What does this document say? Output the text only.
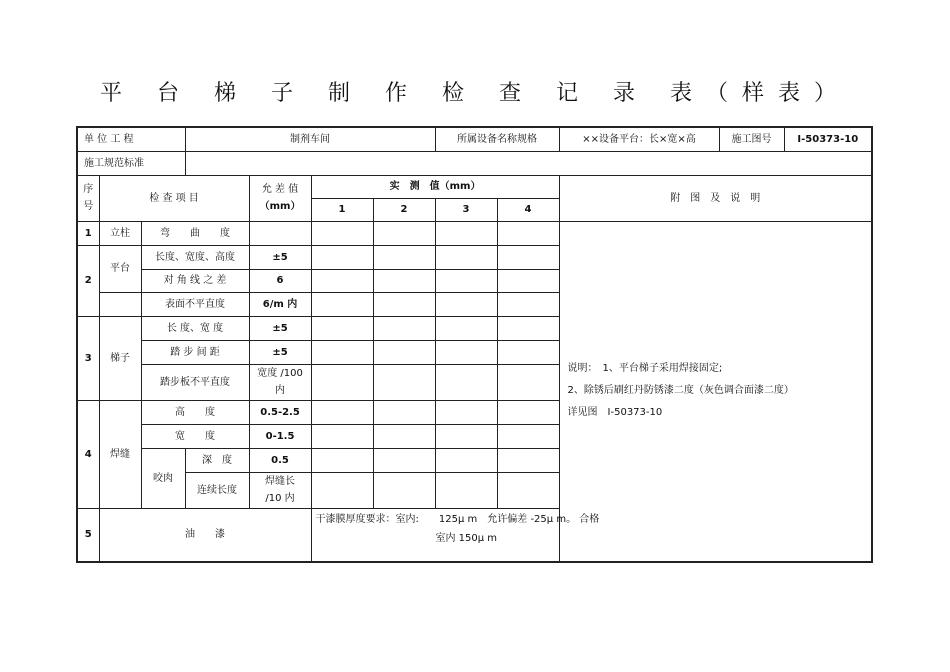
平 台 梯 子 制 作 检 查 记 录 表（样表）
单 位 工 程			制剂车间				所属设备名称规格		××设备平台：长×宽×高	施工图号	I-50373-10
施工规范标准											
序号	检 查 项 目			允 差 值
（mm）	实　测　值（mm）				附　图　及　说　明		
					1	2	3	4			
1	立柱	弯　　曲　　度							说明：　1、平台梯子采用焊接固定;
2、除锈后刷红丹防锈漆二度（灰色调合面漆二度）
详见图　I-50373-10		
2	平台	长度、宽度、高度		±5							
		对 角 线 之 差		6							
		表面不平直度		6/m 内							
3	梯子	长 度、宽 度		±5							
		踏 步 间 距		±5							
		踏步板不平直度		宽度 /100
内							
4	焊缝	高　　度		0.5-2.5							
		宽　　度		0-1.5							
		咬肉	深　度	0.5							
			连续长度	焊缝长
/10 内							
5	油　　漆				干漆膜厚度要求：室内:　　125μ m　允许偏差 -25μ m。 合格
室内 150μ m						
